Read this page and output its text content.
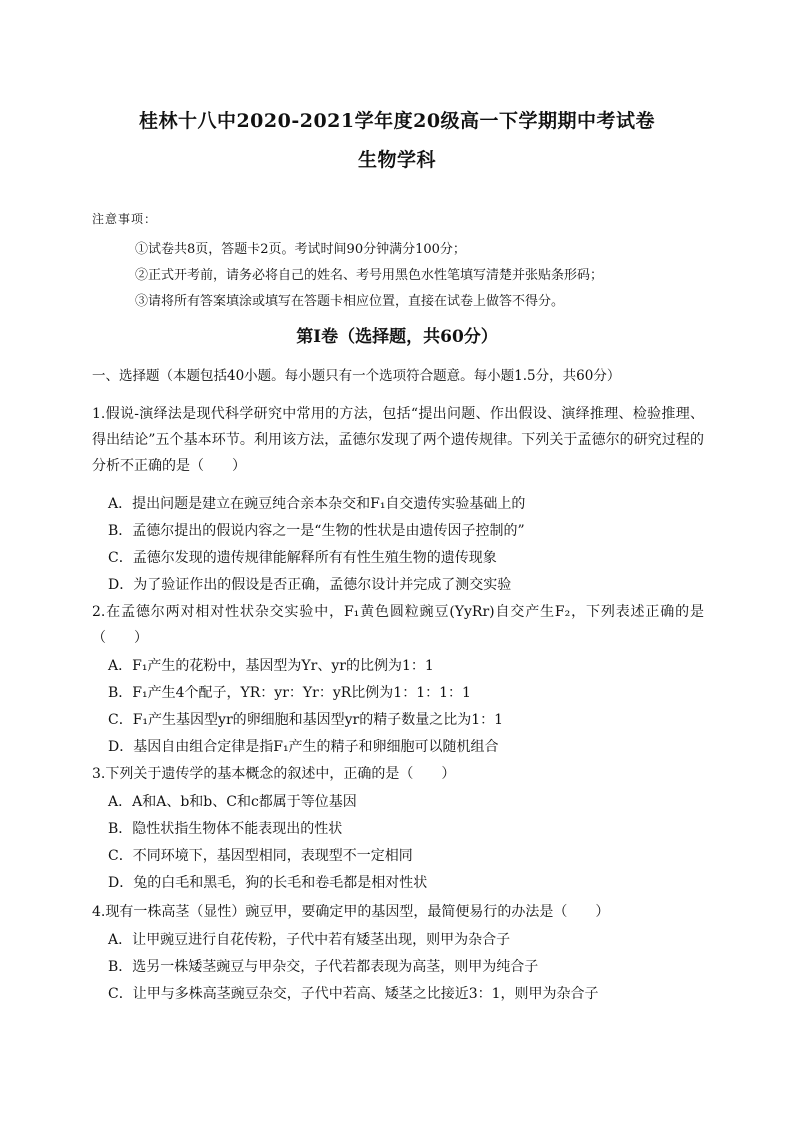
桂林十八中2020-2021学年度20级高一下学期期中考试卷
生物学科
注意事项：
①试卷共8页，答题卡2页。考试时间90分钟满分100分；
②正式开考前，请务必将自己的姓名、考号用黑色水性笔填写清楚并张贴条形码；
③请将所有答案填涂或填写在答题卡相应位置，直接在试卷上做答不得分。
第Ⅰ卷（选择题，共60分）
一、选择题（本题包括40小题。每小题只有一个选项符合题意。每小题1.5分，共60分）
1.假说-演绎法是现代科学研究中常用的方法，包括“提出问题、作出假设、演绎推理、检验推理、得出结论”五个基本环节。利用该方法，孟德尔发现了两个遗传规律。下列关于孟德尔的研究过程的分析不正确的是（　　）
A．提出问题是建立在豌豆纯合亲本杂交和F₁自交遗传实验基础上的
B．孟德尔提出的假说内容之一是“生物的性状是由遗传因子控制的”
C．孟德尔发现的遗传规律能解释所有有性生殖生物的遗传现象
D．为了验证作出的假设是否正确，孟德尔设计并完成了测交实验
2.在孟德尔两对相对性状杂交实验中，F₁黄色圆粒豌豆(YyRr)自交产生F₂，下列表述正确的是（　　）
A．F₁产生的花粉中，基因型为Yr、yr的比例为1：1
B．F₁产生4个配子，YR：yr：Yr：yR比例为1：1：1：1
C．F₁产生基因型yr的卵细胞和基因型yr的精子数量之比为1：1
D．基因自由组合定律是指F₁产生的精子和卵细胞可以随机组合
3.下列关于遗传学的基本概念的叙述中，正确的是（　　）
A．A和A、b和b、C和c都属于等位基因
B．隐性状指生物体不能表现出的性状
C．不同环境下，基因型相同，表现型不一定相同
D．兔的白毛和黑毛，狗的长毛和卷毛都是相对性状
4.现有一株高茎（显性）豌豆甲，要确定甲的基因型，最简便易行的办法是（　　）
A．让甲豌豆进行自花传粉，子代中若有矮茎出现，则甲为杂合子
B．选另一株矮茎豌豆与甲杂交，子代若都表现为高茎，则甲为纯合子
C．让甲与多株高茎豌豆杂交，子代中若高、矮茎之比接近3：1，则甲为杂合子
